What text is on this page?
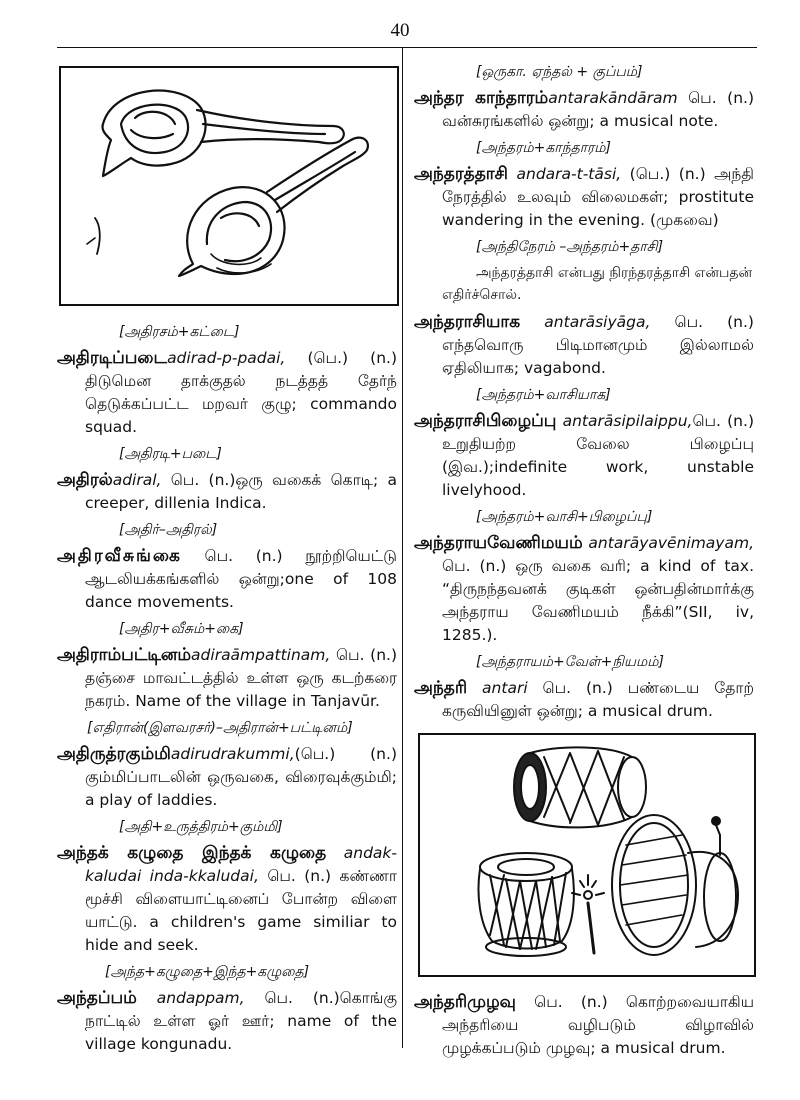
40
[அதிரசம்+கட்டை]

அதிரடிப்படைadirad-p-padai, (பெ.) (n.) திடுமென தாக்குதல் நடத்தத் தேர்ந் தெடுக்கப்பட்ட மறவர் குழு; commando squad.

[அதிரடி+படை]

அதிரல்adiral, பெ. (n.)ஒரு வகைக் கொடி; a creeper, dillenia Indica.

[அதிர்–அதிரல்]

அதிரவீசுங்கை பெ. (n.) நூற்றியெட்டு ஆடலியக்கங்களில் ஒன்று;one of 108 dance movements.

[அதிர+வீசும்+கை]

அதிராம்பட்டினம்adiraāmpattinam, பெ. (n.) தஞ்சை மாவட்டத்தில் உள்ள ஒரு கடற்கரை நகரம். Name of the village in Tanjavūr.

[எதிரான்(இளவரசர்)–அதிரான்+பட்டினம்]

அதிருத்ரகும்மிadirudrakummi,(பெ.) (n.) கும்மிப்பாடலின் ஒருவகை, விரைவுக்கும்மி; a play of laddies.

[அதி+உருத்திரம்+கும்மி]

அந்தக் கழுதை இந்தக் கழுதை andak-kaludai inda-kkaludai, பெ. (n.) கண்ணா மூச்சி விளையாட்டினைப் போன்ற விளை யாட்டு. a children's game similiar to hide and seek.

[அந்த+கழுதை+இந்த+கழுதை]

அந்தப்பம் andappam, பெ. (n.)கொங்கு நாட்டில் உள்ள ஓர் ஊர்; name of the village kongunadu.

[ஒருகா. ஏந்தல் + குப்பம்]

அந்தர காந்தாரம்antarakāndāram பெ. (n.) வன்சுரங்களில் ஒன்று; a musical note.

[அந்தரம்+காந்தாரம்]

அந்தரத்தாசி andara-t-tāsi, (பெ.) (n.) அந்தி நேரத்தில் உலவும் விலைமகள்; prostitute wandering in the evening. (முகவை)

[அந்திநேரம் –அந்தரம்+தாசி]

அந்தரத்தாசி என்பது நிரந்தரத்தாசி என்பதன் எதிர்ச்சொல்.

அந்தராசியாக antarāsiyāga, பெ. (n.) எந்தவொரு பிடிமானமும் இல்லாமல் ஏதிலியாக; vagabond.

[அந்தரம்+வாசியாக]

அந்தராசிபிழைப்பு antarāsipilaippu,பெ. (n.) உறுதியற்ற வேலை பிழைப்பு (இவ.);indefinite work, unstable livelyhood.

[அந்தரம்+வாசி+பிழைப்பு]

அந்தராயவேணிமயம் antarāyavēnimayam, பெ. (n.) ஒரு வகை வரி; a kind of tax. “திருநந்தவனக் குடிகள் ஒன்பதின்மார்க்கு அந்தராய வேணிமயம் நீக்கி”(SII, iv, 1285.).

[அந்தராயம்+வேள்+நியமம்]

அந்தரி antari பெ. (n.) பண்டைய தோற் கருவியினுள் ஒன்று; a musical drum.

அந்தரிமுழவு பெ. (n.) கொற்றவையாகிய அந்தரியை வழிபடும் விழாவில் முழக்கப்படும் முழவு; a musical drum.
